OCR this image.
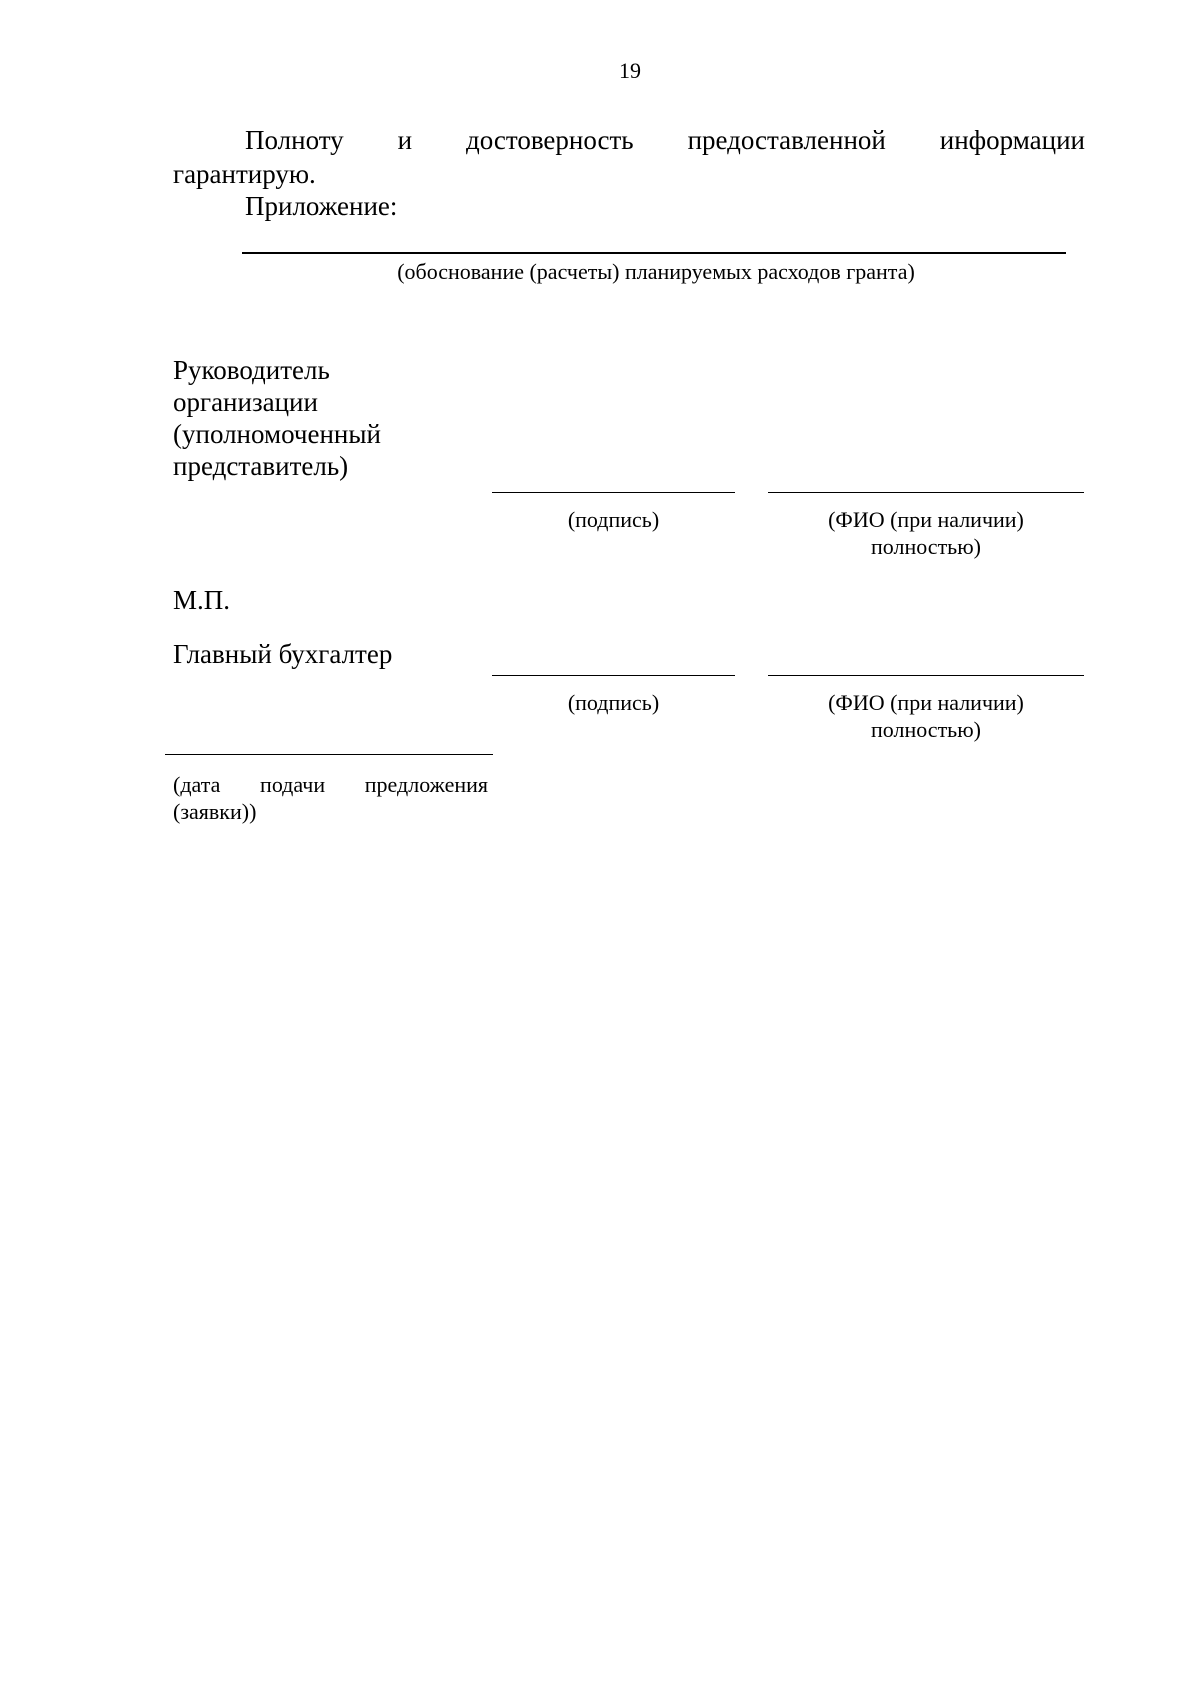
19
Полноту и достоверность предоставленной информации
гарантирую.
Приложение:
(обоснование (расчеты) планируемых расходов гранта)
Руководитель
организации
(уполномоченный
представитель)
(подпись)	(ФИО (при наличии)
полностью)
М.П.
Главный бухгалтер
(подпись)	(ФИО (при наличии)
полностью)
(дата подачи предложения
(заявки))
